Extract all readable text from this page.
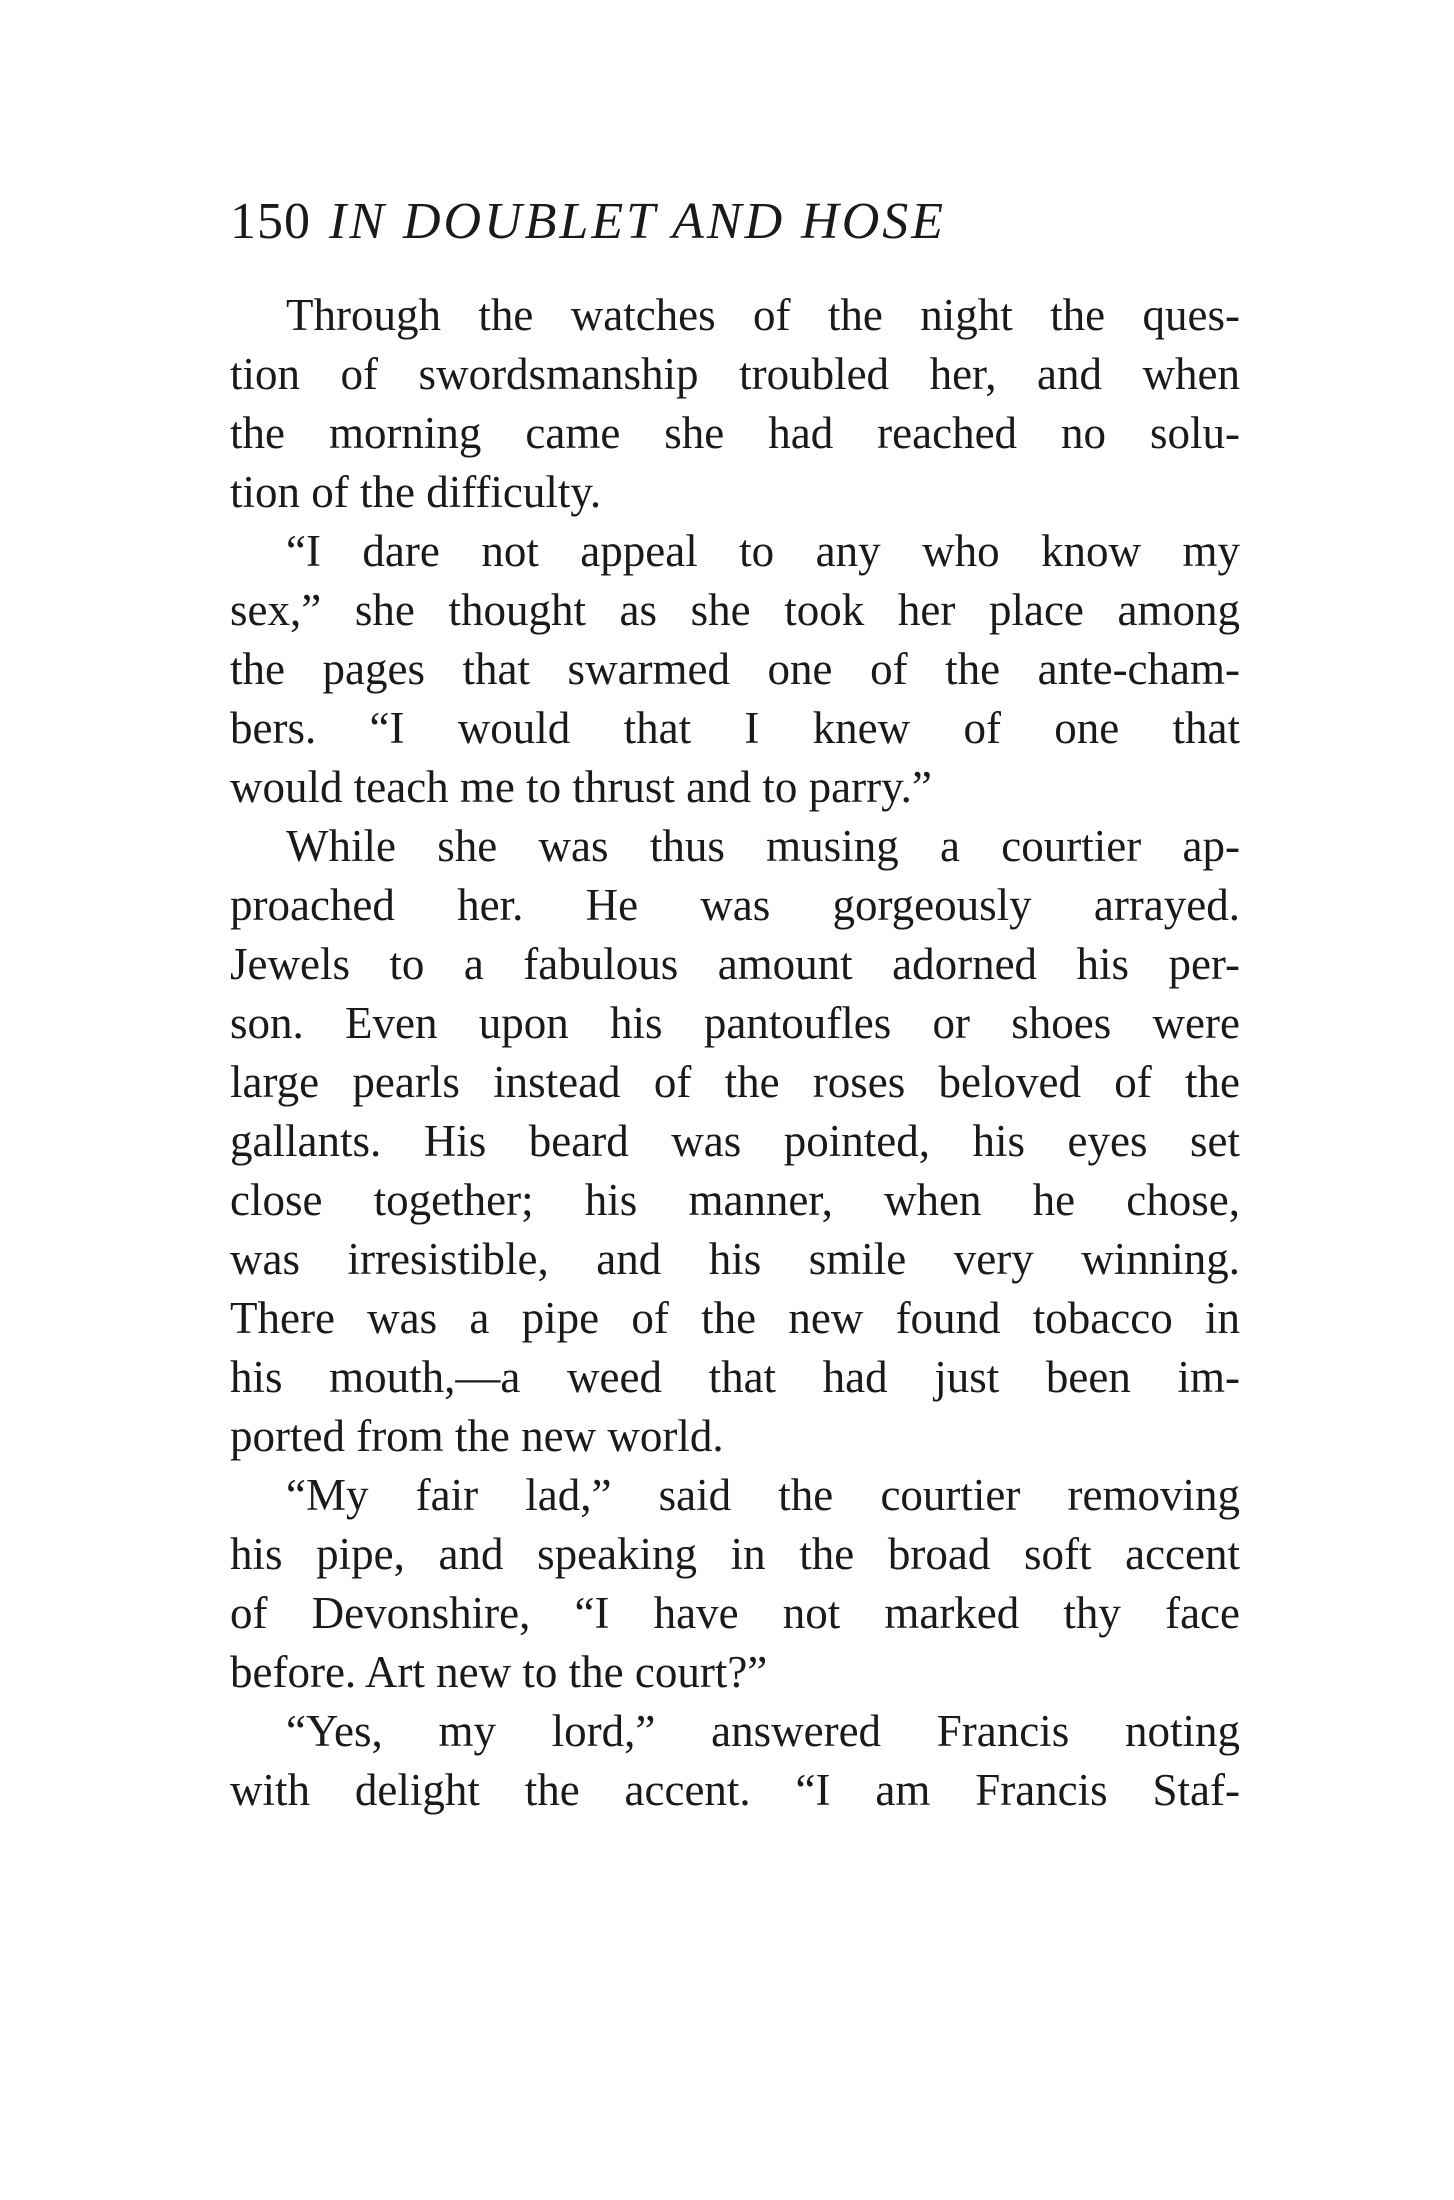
150 IN DOUBLET AND HOSE
Through the watches of the night the ques-
tion of swordsmanship troubled her, and when
the morning came she had reached no solu-
tion of the difficulty.
“I dare not appeal to any who know my
sex,” she thought as she took her place among
the pages that swarmed one of the ante-cham-
bers. “I would that I knew of one that
would teach me to thrust and to parry.”
While she was thus musing a courtier ap-
proached her. He was gorgeously arrayed.
Jewels to a fabulous amount adorned his per-
son. Even upon his pantoufles or shoes were
large pearls instead of the roses beloved of the
gallants. His beard was pointed, his eyes set
close together; his manner, when he chose,
was irresistible, and his smile very winning.
There was a pipe of the new found tobacco in
his mouth,—a weed that had just been im-
ported from the new world.
“My fair lad,” said the courtier removing
his pipe, and speaking in the broad soft accent
of Devonshire, “I have not marked thy face
before. Art new to the court?”
“Yes, my lord,” answered Francis noting
with delight the accent. “I am Francis Staf-
